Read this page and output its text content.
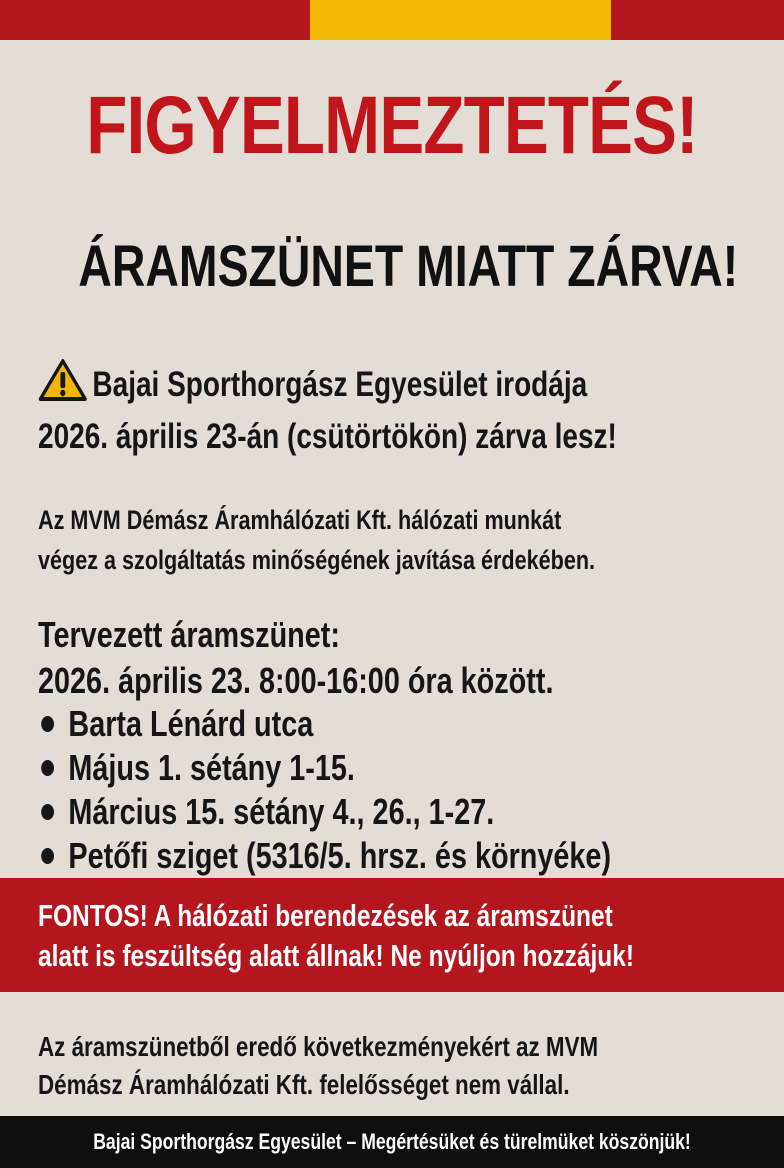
FIGYELMEZTETÉS!
ÁRAMSZÜNET MIATT ZÁRVA!
Bajai Sporthorgász Egyesület irodája
2026. április 23-án (csütörtökön) zárva lesz!
Az MVM Démász Áramhálózati Kft. hálózati munkát
végez a szolgáltatás minőségének javítása érdekében.
Tervezett áramszünet:
2026. április 23. 8:00-16:00 óra között.
Barta Lénárd utca
Május 1. sétány 1-15.
Március 15. sétány 4., 26., 1-27.
Petőfi sziget (5316/5. hrsz. és környéke)
FONTOS! A hálózati berendezések az áramszünet
alatt is feszültség alatt állnak! Ne nyúljon hozzájuk!
Az áramszünetből eredő következményekért az MVM
Démász Áramhálózati Kft. felelősséget nem vállal.
Bajai Sporthorgász Egyesület – Megértésüket és türelmüket köszönjük!
